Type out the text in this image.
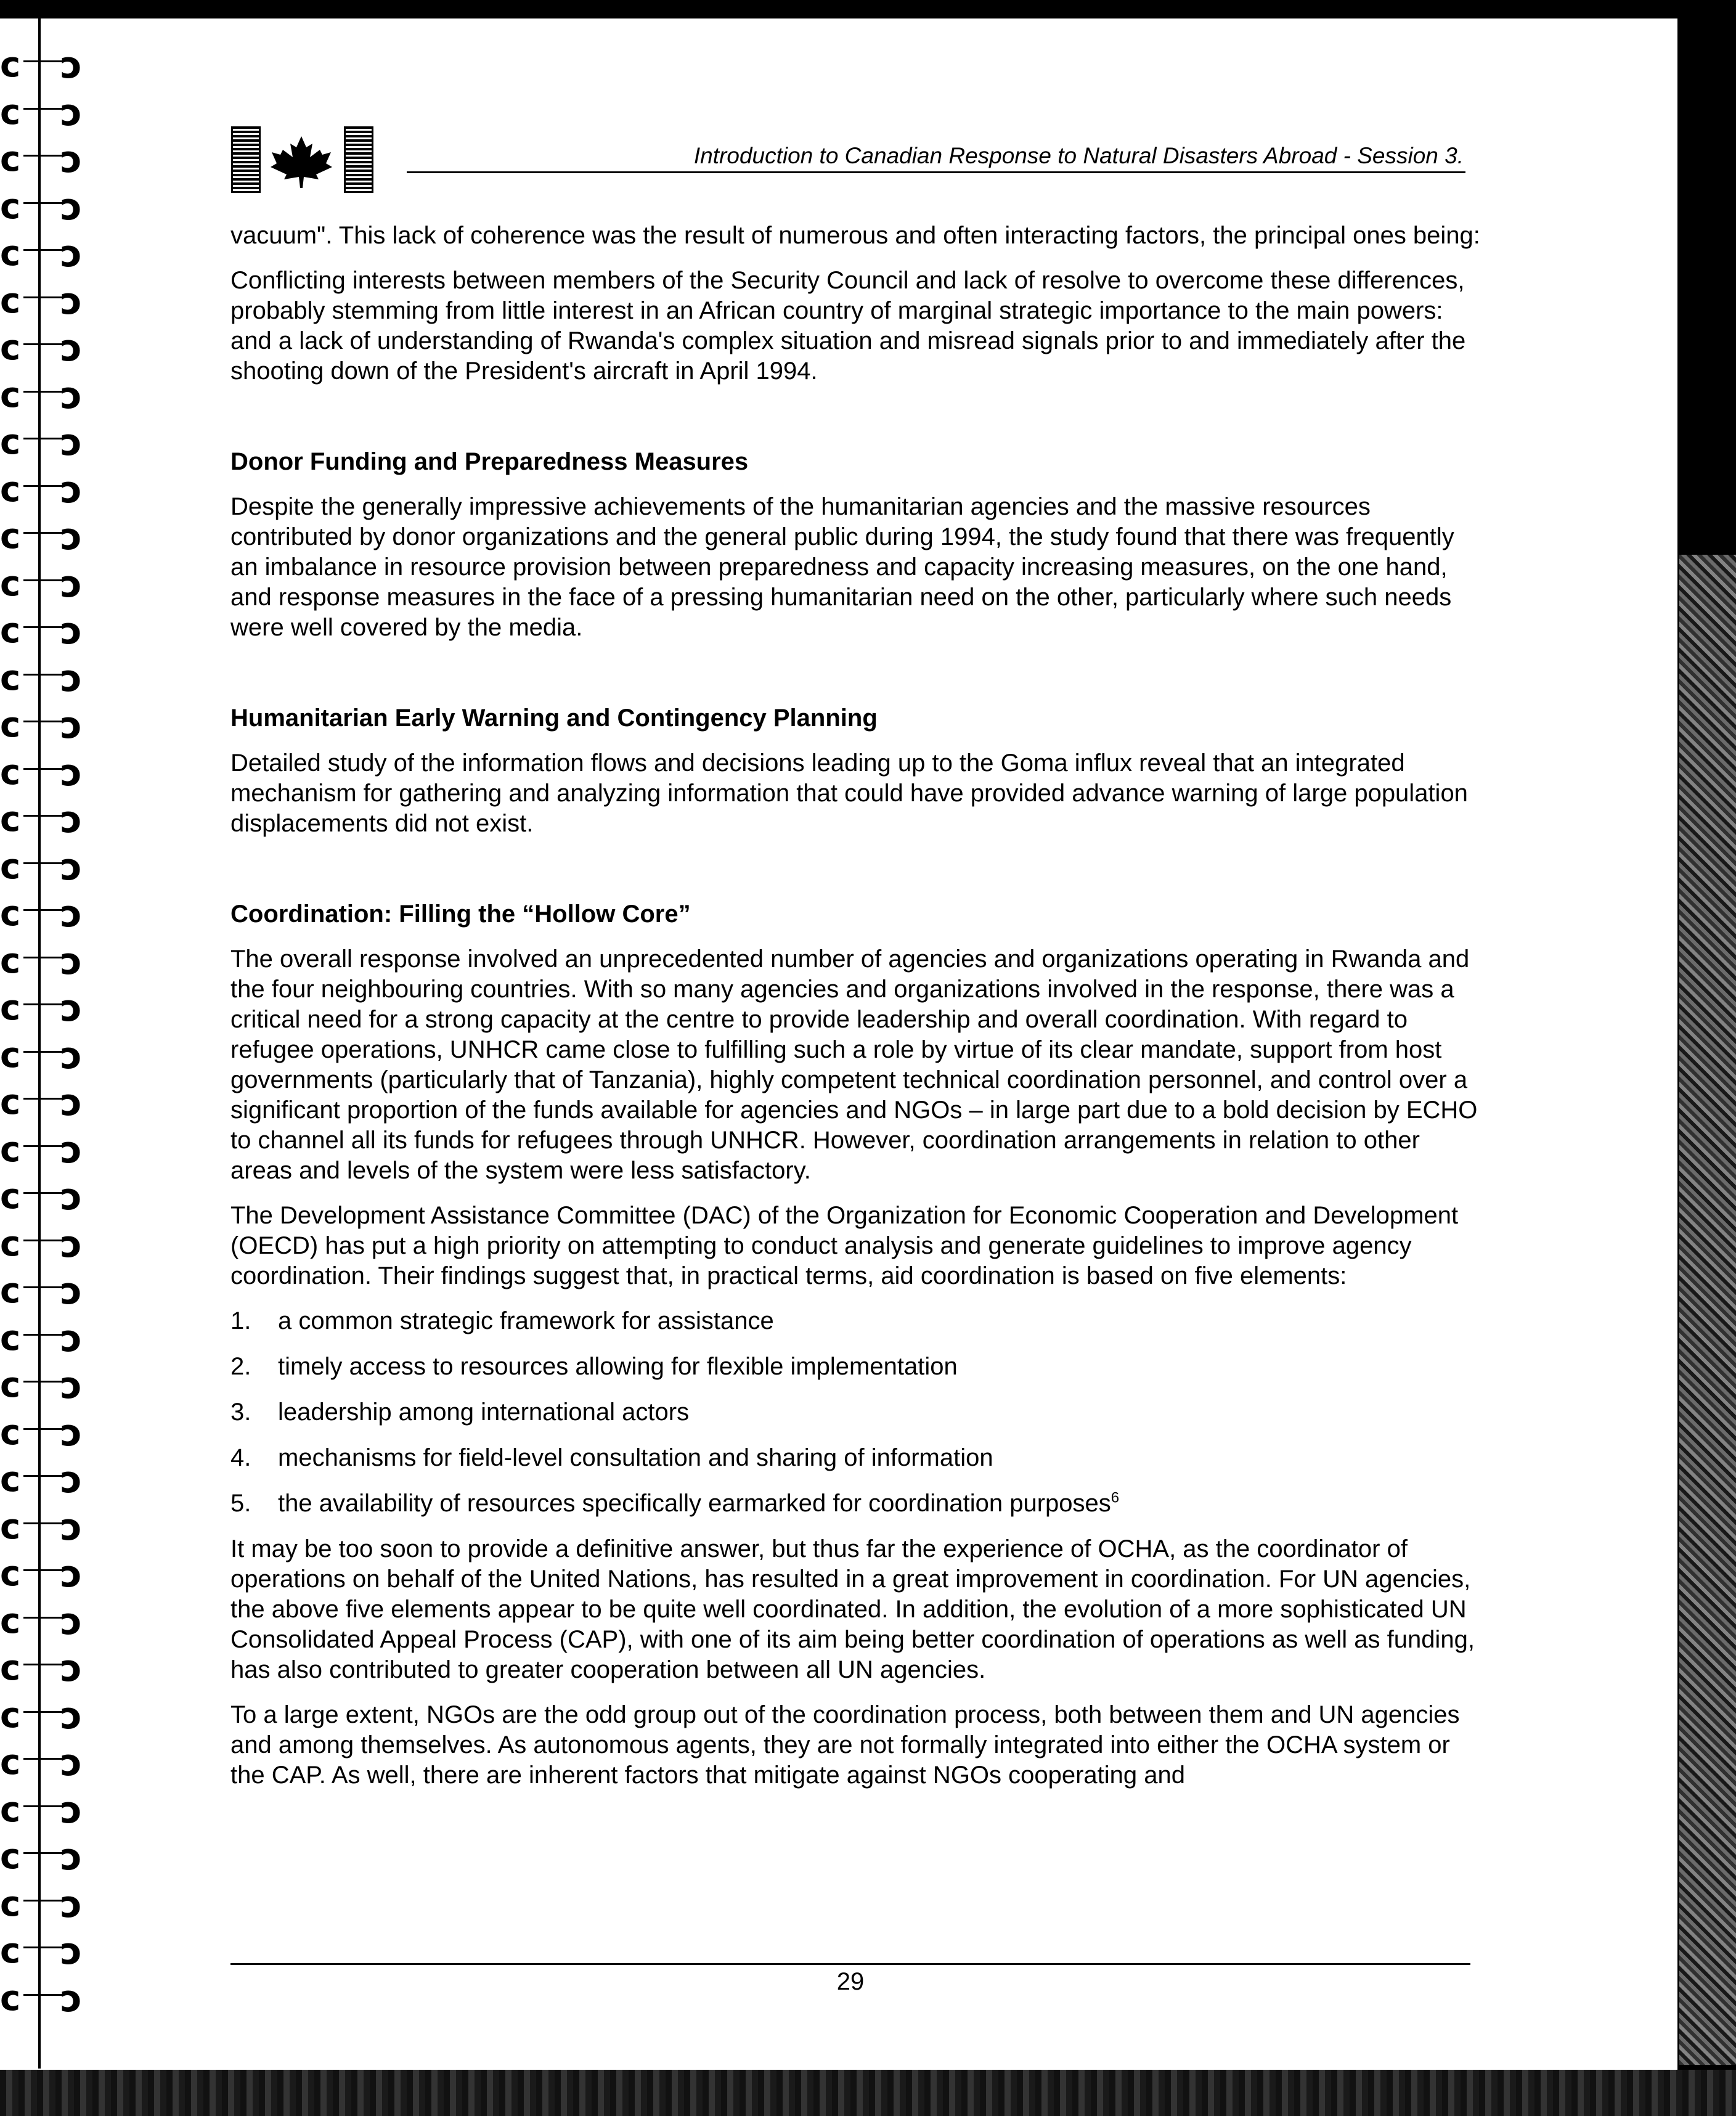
c ɔ
c ɔ
c ɔ
c ɔ
c ɔ
c ɔ
c ɔ
c ɔ
c ɔ
c ɔ
c ɔ
c ɔ
c ɔ
c ɔ
c ɔ
c ɔ
c ɔ
c ɔ
c ɔ
c ɔ
c ɔ
c ɔ
c ɔ
c ɔ
c ɔ
c ɔ
c ɔ
c ɔ
c ɔ
c ɔ
c ɔ
c ɔ
c ɔ
c ɔ
c ɔ
c ɔ
c ɔ
c ɔ
c ɔ
c ɔ
c ɔ
c ɔ
Introduction to Canadian Response to Natural Disasters Abroad - Session 3.

vacuum". This lack of coherence was the result of numerous and often interacting factors, the principal ones being:

Conflicting interests between members of the Security Council and lack of resolve to overcome these differences, probably stemming from little interest in an African country of marginal strategic importance to the main powers: and a lack of understanding of Rwanda's complex situation and misread signals prior to and immediately after the shooting down of the President's aircraft in April 1994.

Donor Funding and Preparedness Measures

Despite the generally impressive achievements of the humanitarian agencies and the massive resources contributed by donor organizations and the general public during 1994, the study found that there was frequently an imbalance in resource provision between preparedness and capacity increasing measures, on the one hand, and response measures in the face of a pressing humanitarian need on the other, particularly where such needs were well covered by the media.

Humanitarian Early Warning and Contingency Planning

Detailed study of the information flows and decisions leading up to the Goma influx reveal that an integrated mechanism for gathering and analyzing information that could have provided advance warning of large population displacements did not exist.

Coordination: Filling the “Hollow Core”

The overall response involved an unprecedented number of agencies and organizations operating in Rwanda and the four neighbouring countries. With so many agencies and organizations involved in the response, there was a critical need for a strong capacity at the centre to provide leadership and overall coordination. With regard to refugee operations, UNHCR came close to fulfilling such a role by virtue of its clear mandate, support from host governments (particularly that of Tanzania), highly competent technical coordination personnel, and control over a significant proportion of the funds available for agencies and NGOs – in large part due to a bold decision by ECHO to channel all its funds for refugees through UNHCR. However, coordination arrangements in relation to other areas and levels of the system were less satisfactory.

The Development Assistance Committee (DAC) of the Organization for Economic Cooperation and Development (OECD) has put a high priority on attempting to conduct analysis and generate guidelines to improve agency coordination. Their findings suggest that, in practical terms, aid coordination is based on five elements:

1.	a common strategic framework for assistance
2.	timely access to resources allowing for flexible implementation
3.	leadership among international actors
4.	mechanisms for field-level consultation and sharing of information
5.	the availability of resources specifically earmarked for coordination purposes$^6$

It may be too soon to provide a definitive answer, but thus far the experience of OCHA, as the coordinator of operations on behalf of the United Nations, has resulted in a great improvement in coordination. For UN agencies, the above five elements appear to be quite well coordinated. In addition, the evolution of a more sophisticated UN Consolidated Appeal Process (CAP), with one of its aim being better coordination of operations as well as funding, has also contributed to greater cooperation between all UN agencies.

To a large extent, NGOs are the odd group out of the coordination process, both between them and UN agencies and among themselves. As autonomous agents, they are not formally integrated into either the OCHA system or the CAP. As well, there are inherent factors that mitigate against NGOs cooperating and

29
